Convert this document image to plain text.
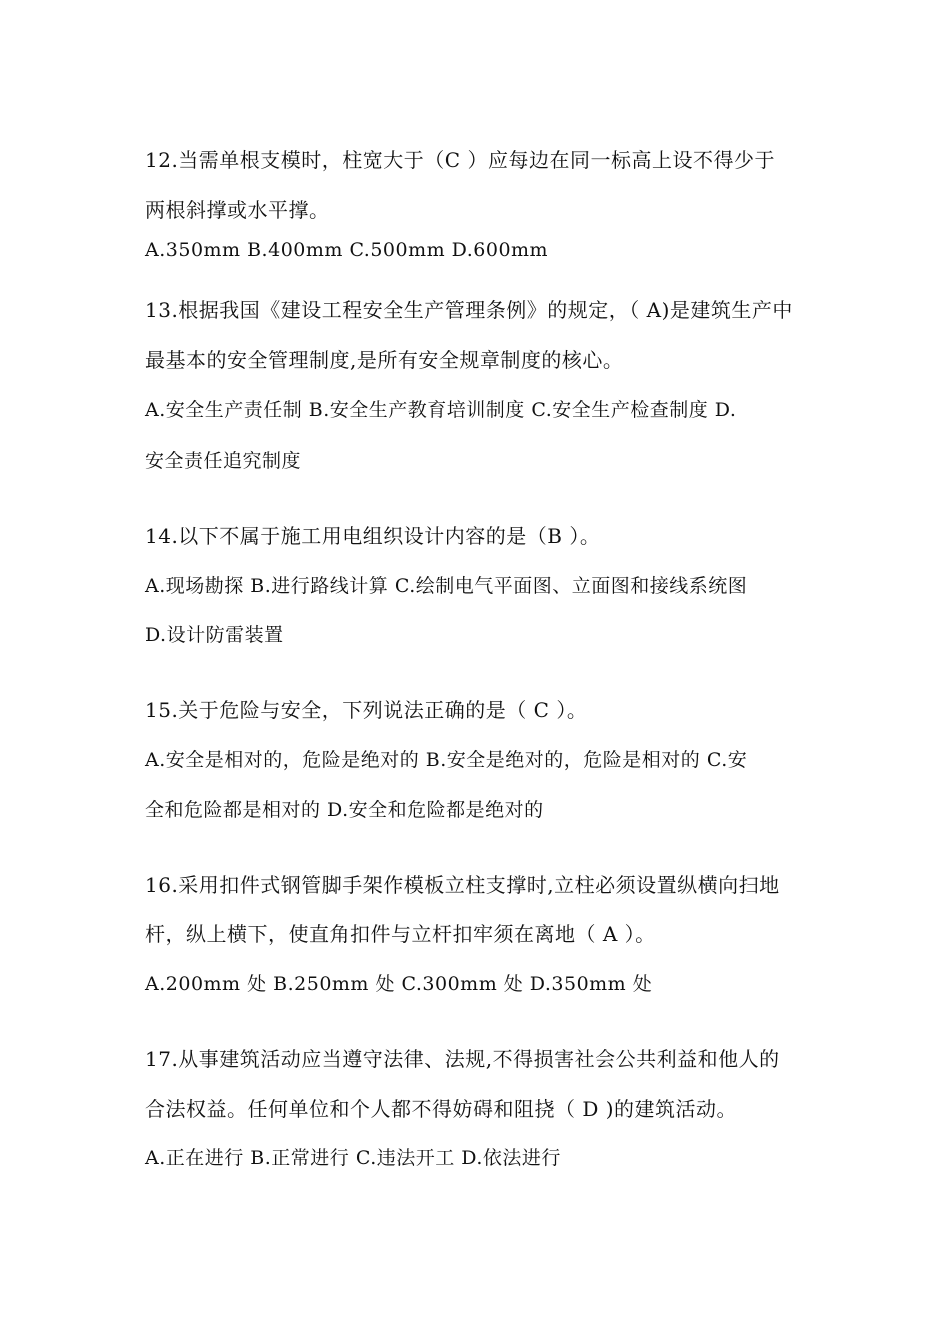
12.当需单根支模时，柱宽大于（C ）应每边在同一标高上设不得少于
两根斜撑或水平撑。
A.350mm B.400mm C.500mm D.600mm
13.根据我国《建设工程安全生产管理条例》的规定，（ A)是建筑生产中
最基本的安全管理制度,是所有安全规章制度的核心。
A.安全生产责任制 B.安全生产教育培训制度 C.安全生产检查制度 D.
安全责任追究制度
14.以下不属于施工用电组织设计内容的是（B ）。
A.现场勘探 B.进行路线计算 C.绘制电气平面图、立面图和接线系统图
D.设计防雷装置
15.关于危险与安全，下列说法正确的是（ C ）。
A.安全是相对的，危险是绝对的 B.安全是绝对的，危险是相对的 C.安
全和危险都是相对的 D.安全和危险都是绝对的
16.采用扣件式钢管脚手架作模板立柱支撑时,立柱必须设置纵横向扫地
杆，纵上横下，使直角扣件与立杆扣牢须在离地（ A ）。
A.200mm 处 B.250mm 处 C.300mm 处 D.350mm 处
17.从事建筑活动应当遵守法律、法规,不得损害社会公共利益和他人的
合法权益。任何单位和个人都不得妨碍和阻挠（ D )的建筑活动。
A.正在进行 B.正常进行 C.违法开工 D.依法进行
